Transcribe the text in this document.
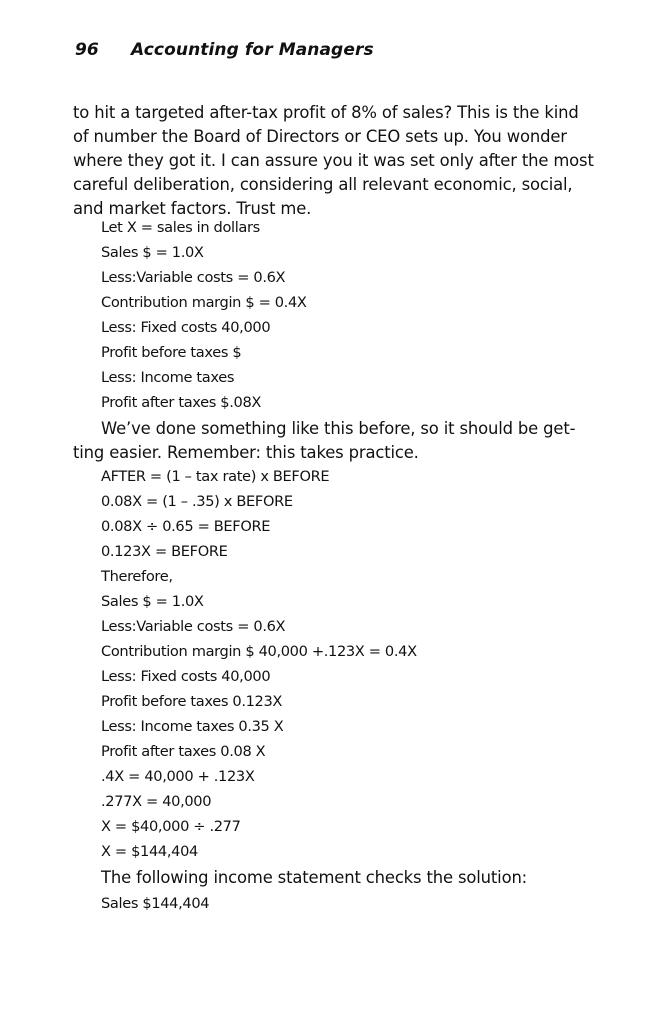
96 Accounting for Managers
to hit a targeted after-tax profit of 8% of sales? This is the kind
of number the Board of Directors or CEO sets up. You wonder
where they got it. I can assure you it was set only after the most
careful deliberation, considering all relevant economic, social,
and market factors. Trust me.
Let X = sales in dollars
Sales $ = 1.0X
Less:Variable costs = 0.6X
Contribution margin $ = 0.4X
Less: Fixed costs 40,000
Profit before taxes $
Less: Income taxes
Profit after taxes $.08X
We’ve done something like this before, so it should be get-
ting easier. Remember: this takes practice.
AFTER = (1 – tax rate) x BEFORE
0.08X = (1 – .35) x BEFORE
0.08X ÷ 0.65 = BEFORE
0.123X = BEFORE
Therefore,
Sales $ = 1.0X
Less:Variable costs = 0.6X
Contribution margin $ 40,000 +.123X = 0.4X
Less: Fixed costs 40,000
Profit before taxes 0.123X
Less: Income taxes 0.35 X
Profit after taxes 0.08 X
.4X = 40,000 + .123X
.277X = 40,000
X = $40,000 ÷ .277
X = $144,404
The following income statement checks the solution:
Sales $144,404
